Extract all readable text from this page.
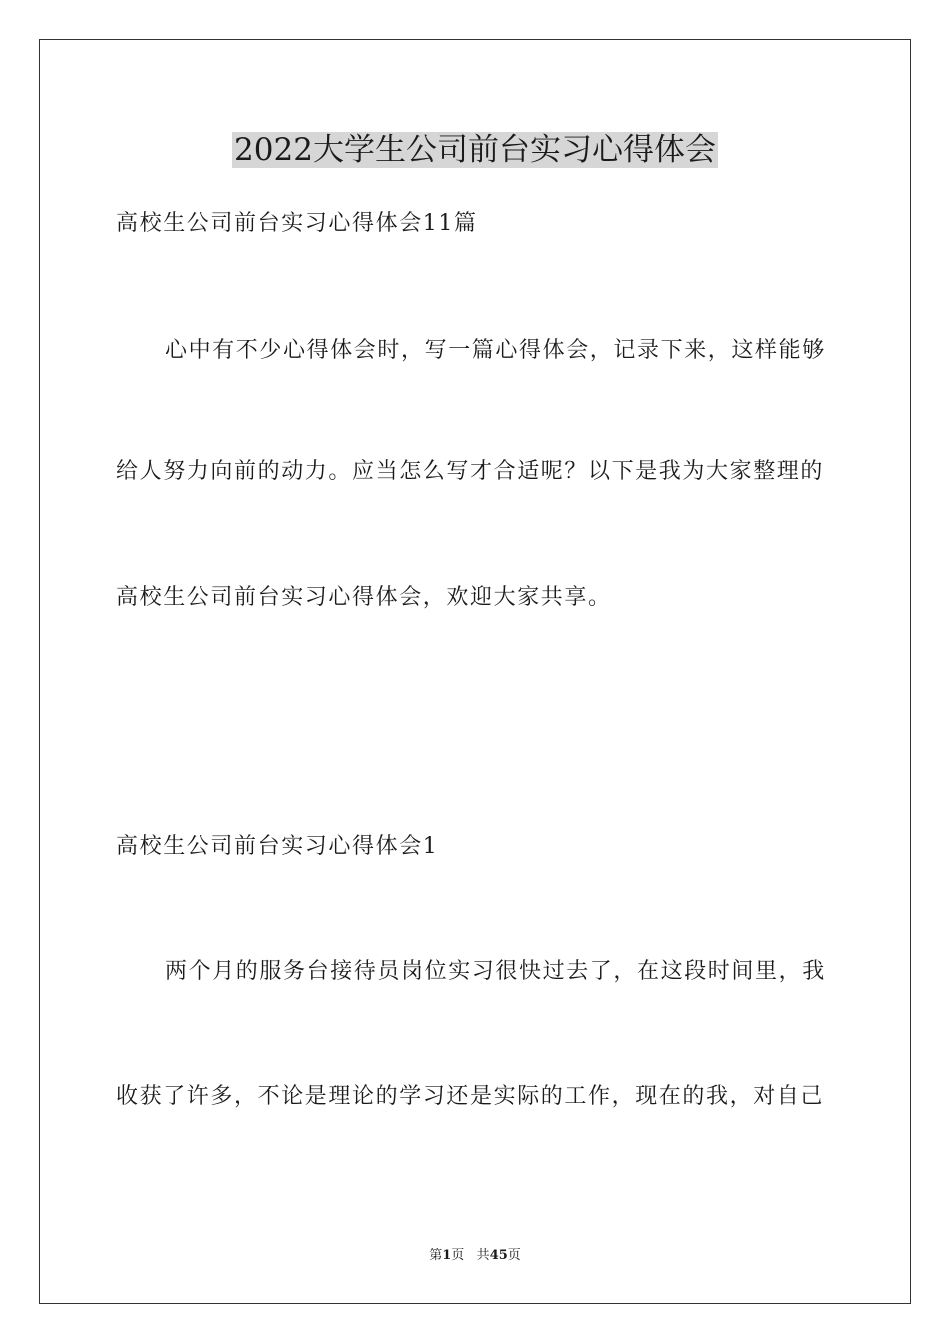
2022大学生公司前台实习心得体会
高校生公司前台实习心得体会11篇
心中有不少心得体会时，写一篇心得体会，记录下来，这样能够
给人努力向前的动力。应当怎么写才合适呢？以下是我为大家整理的
高校生公司前台实习心得体会，欢迎大家共享。
高校生公司前台实习心得体会1
两个月的服务台接待员岗位实习很快过去了，在这段时间里，我
收获了许多，不论是理论的学习还是实际的工作，现在的我，对自己
第1页 共45页
